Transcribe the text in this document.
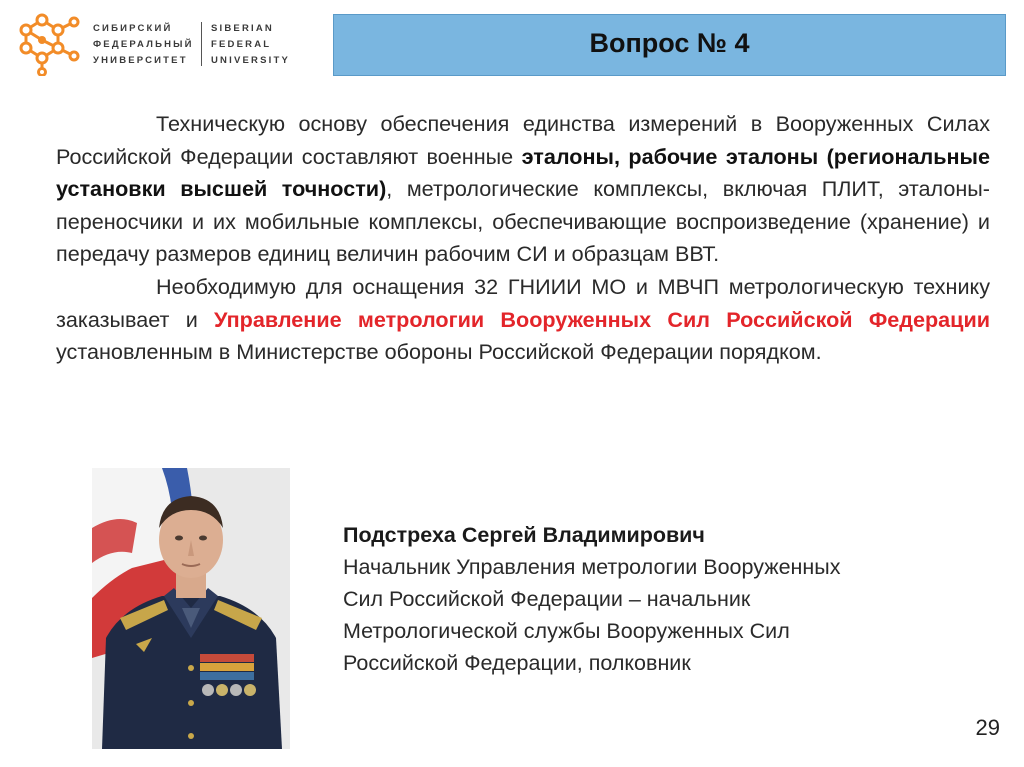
СИБИРСКИЙ
ФЕДЕРАЛЬНЫЙ
УНИВЕРСИТЕТ
SIBERIAN
FEDERAL
UNIVERSITY
Вопрос № 4

Техническую основу обеспечения единства измерений в Вооруженных Силах Российской Федерации составляют военные эталоны, рабочие эталоны (региональные установки высшей точности), метрологические комплексы, включая ПЛИТ, эталоны-переносчики и их мобильные комплексы, обеспечивающие воспроизведение (хранение) и передачу размеров единиц величин рабочим СИ и образцам ВВТ.

Необходимую для оснащения 32 ГНИИИ МО и МВЧП метрологическую технику заказывает и Управление метрологии Вооруженных Сил Российской Федерации установленным в Министерстве обороны Российской Федерации порядком.

Подстреха Сергей Владимирович
Начальник Управления метрологии Вооруженных
Сил Российской Федерации – начальник
Метрологической службы Вооруженных Сил
Российской Федерации, полковник
29
